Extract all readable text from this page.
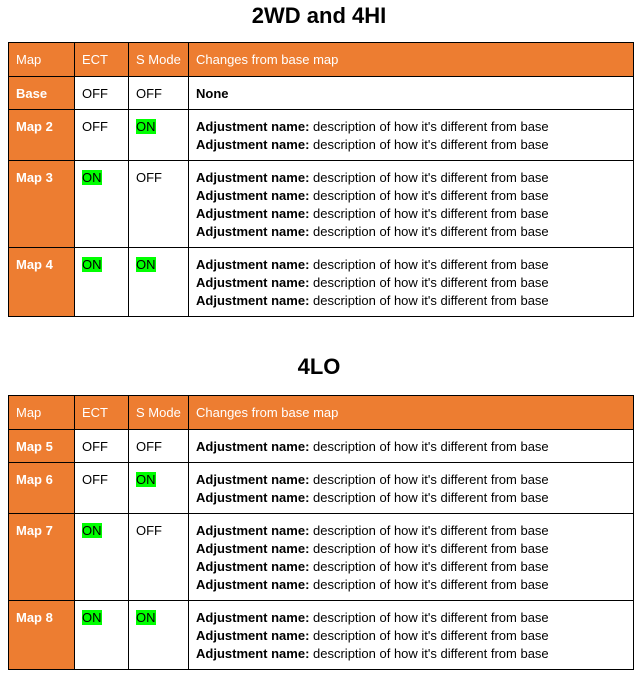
2WD and 4HI
Map	ECT	S Mode	Changes from base map
Base	OFF	OFF	None
Map 2	OFF	ON	Adjustment name: description of how it's different from base
Adjustment name: description of how it's different from base

Map 3	ON	OFF	Adjustment name: description of how it's different from base
Adjustment name: description of how it's different from base
Adjustment name: description of how it's different from base
Adjustment name: description of how it's different from base

Map 4	ON	ON	Adjustment name: description of how it's different from base
Adjustment name: description of how it's different from base
Adjustment name: description of how it's different from base
4LO
Map	ECT	S Mode	Changes from base map
Map 5	OFF	OFF	Adjustment name: description of how it's different from base

Map 6	OFF	ON	Adjustment name: description of how it's different from base
Adjustment name: description of how it's different from base

Map 7	ON	OFF	Adjustment name: description of how it's different from base
Adjustment name: description of how it's different from base
Adjustment name: description of how it's different from base
Adjustment name: description of how it's different from base

Map 8	ON	ON	Adjustment name: description of how it's different from base
Adjustment name: description of how it's different from base
Adjustment name: description of how it's different from base
